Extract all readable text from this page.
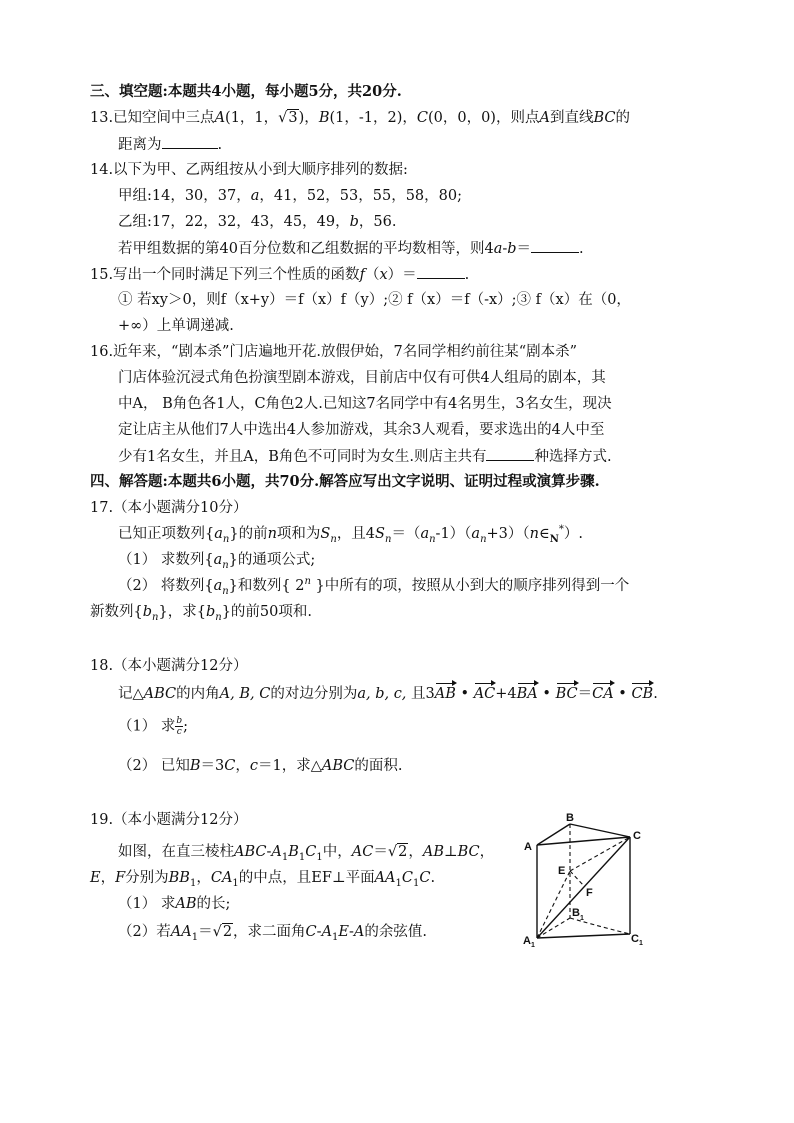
三、填空题:本题共4小题，每小题5分，共20分.
13.已知空间中三点A(1，1，√3)，B(1，-1，2)，C(0，0，0)，则点A到直线BC的
距离为	.
14.以下为甲、乙两组按从小到大顺序排列的数据:
甲组:14，30，37，a，41，52，53，55，58，80;
乙组:17，22，32，43，45，49，b，56.
若甲组数据的第40百分位数和乙组数据的平均数相等，则4a-b＝	.
15.写出一个同时满足下列三个性质的函数f（x）＝	.
① 若xy＞0，则f（x+y）＝f（x）f（y）;② f（x）＝f（-x）;③ f（x）在（0，
+∞）上单调递减.
16.近年来，“剧本杀”门店遍地开花.放假伊始，7名同学相约前往某“剧本杀”
门店体验沉浸式角色扮演型剧本游戏，目前店中仅有可供4人组局的剧本，其
中A， B角色各1人，C角色2人.已知这7名同学中有4名男生，3名女生，现决
定让店主从他们7人中选出4人参加游戏，其余3人观看，要求选出的4人中至
少有1名女生，并且A，B角色不可同时为女生.则店主共有	种选择方式.
四、解答题:本题共6小题，共70分.解答应写出文字说明、证明过程或演算步骤.
17.（本小题满分10分）
已知正项数列$\{a_n\}$的前n项和为$S_n$，且$4S_n=(a_n-1)(a_n+3)(n\in_N^*)$.
（1） 求数列$\{a_n\}$的通项公式;
（2） 将数列$\{a_n\}$和数列{ 2$^n$ }中所有的项，按照从小到大的顺序排列得到一个
新数列$\{b_n\}$，求$\{b_n\}$的前50项和.
18.（本小题满分12分）
记△ABC的内角A, B, C的对边分别为a, b, c, 且3AB • AC+4BA • BC＝CA • CB.
（1） 求 $\frac{b}{c}$;
（2） 已知B＝3C，c＝1，求△ABC的面积.
19.（本小题满分12分）
如图，在直三棱柱ABC-$A_1B_1C_1$中，AC＝√2，AB⊥BC，
E，F分别为$BB_1$，$CA_1$的中点，且EF⊥平面$AA_1C_1C$.
（1） 求AB的长;
（2）若$AA_1=√2$，求二面角$C-A_1E-A$的余弦值.
A
B
C
E
F
B 1
A 1
C 1
